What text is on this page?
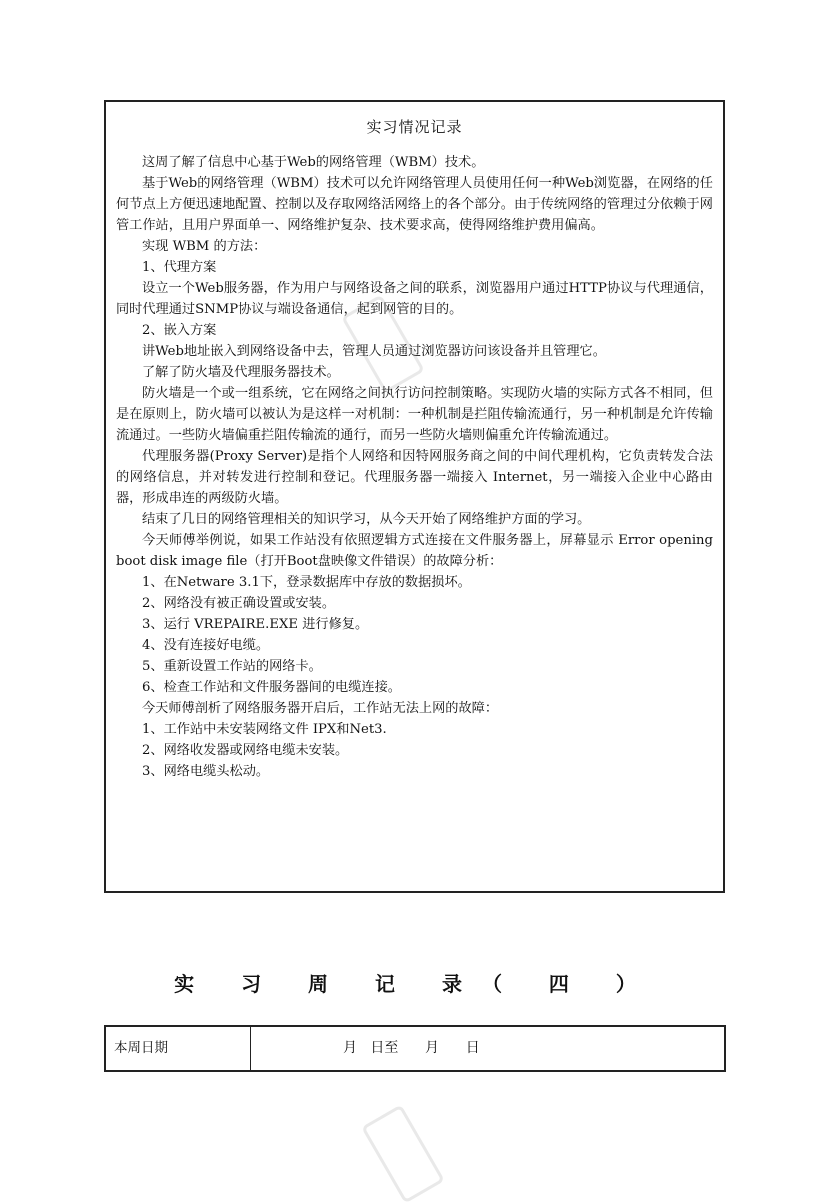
​
​
实习情况记录

这周了解了信息中心基于Web的网络管理（WBM）技术。

基于Web的网络管理（WBM）技术可以允许网络管理人员使用任何一种Web浏览器，在网络的任何节点上方便迅速地配置、控制以及存取网络活网络上的各个部分。由于传统网络的管理过分依赖于网管工作站，且用户界面单一、网络维护复杂、技术要求高，使得网络维护费用偏高。

实现 WBM 的方法：

1、代理方案

设立一个Web服务器，作为用户与网络设备之间的联系，浏览器用户通过HTTP协议与代理通信，同时代理通过SNMP协议与端设备通信，起到网管的目的。

2、嵌入方案

讲Web地址嵌入到网络设备中去，管理人员通过浏览器访问该设备并且管理它。

了解了防火墙及代理服务器技术。

防火墙是一个或一组系统，它在网络之间执行访问控制策略。实现防火墙的实际方式各不相同，但是在原则上，防火墙可以被认为是这样一对机制：一种机制是拦阻传输流通行，另一种机制是允许传输流通过。一些防火墙偏重拦阻传输流的通行，而另一些防火墙则偏重允许传输流通过。

代理服务器(Proxy Server)是指个人网络和因特网服务商之间的中间代理机构，它负责转发合法的网络信息，并对转发进行控制和登记。代理服务器一端接入 Internet，另一端接入企业中心路由器，形成串连的两级防火墙。

结束了几日的网络管理相关的知识学习，从今天开始了网络维护方面的学习。

今天师傅举例说，如果工作站没有依照逻辑方式连接在文件服务器上，屏幕显示 Error opening boot disk image file（打开Boot盘映像文件错误）的故障分析：

1、在Netware 3.1下，登录数据库中存放的数据损坏。

2、网络没有被正确设置或安装。

3、运行 VREPAIRE.EXE 进行修复。

4、没有连接好电缆。

5、重新设置工作站的网络卡。

6、检查工作站和文件服务器间的电缆连接。

今天师傅剖析了网络服务器开启后，工作站无法上网的故障：

1、工作站中未安装网络文件 IPX和Net3.

2、网络收发器或网络电缆未安装。

3、网络电缆头松动。

实 习 周 记 录（ 四 ）
本周日期	月   日至      月      日
